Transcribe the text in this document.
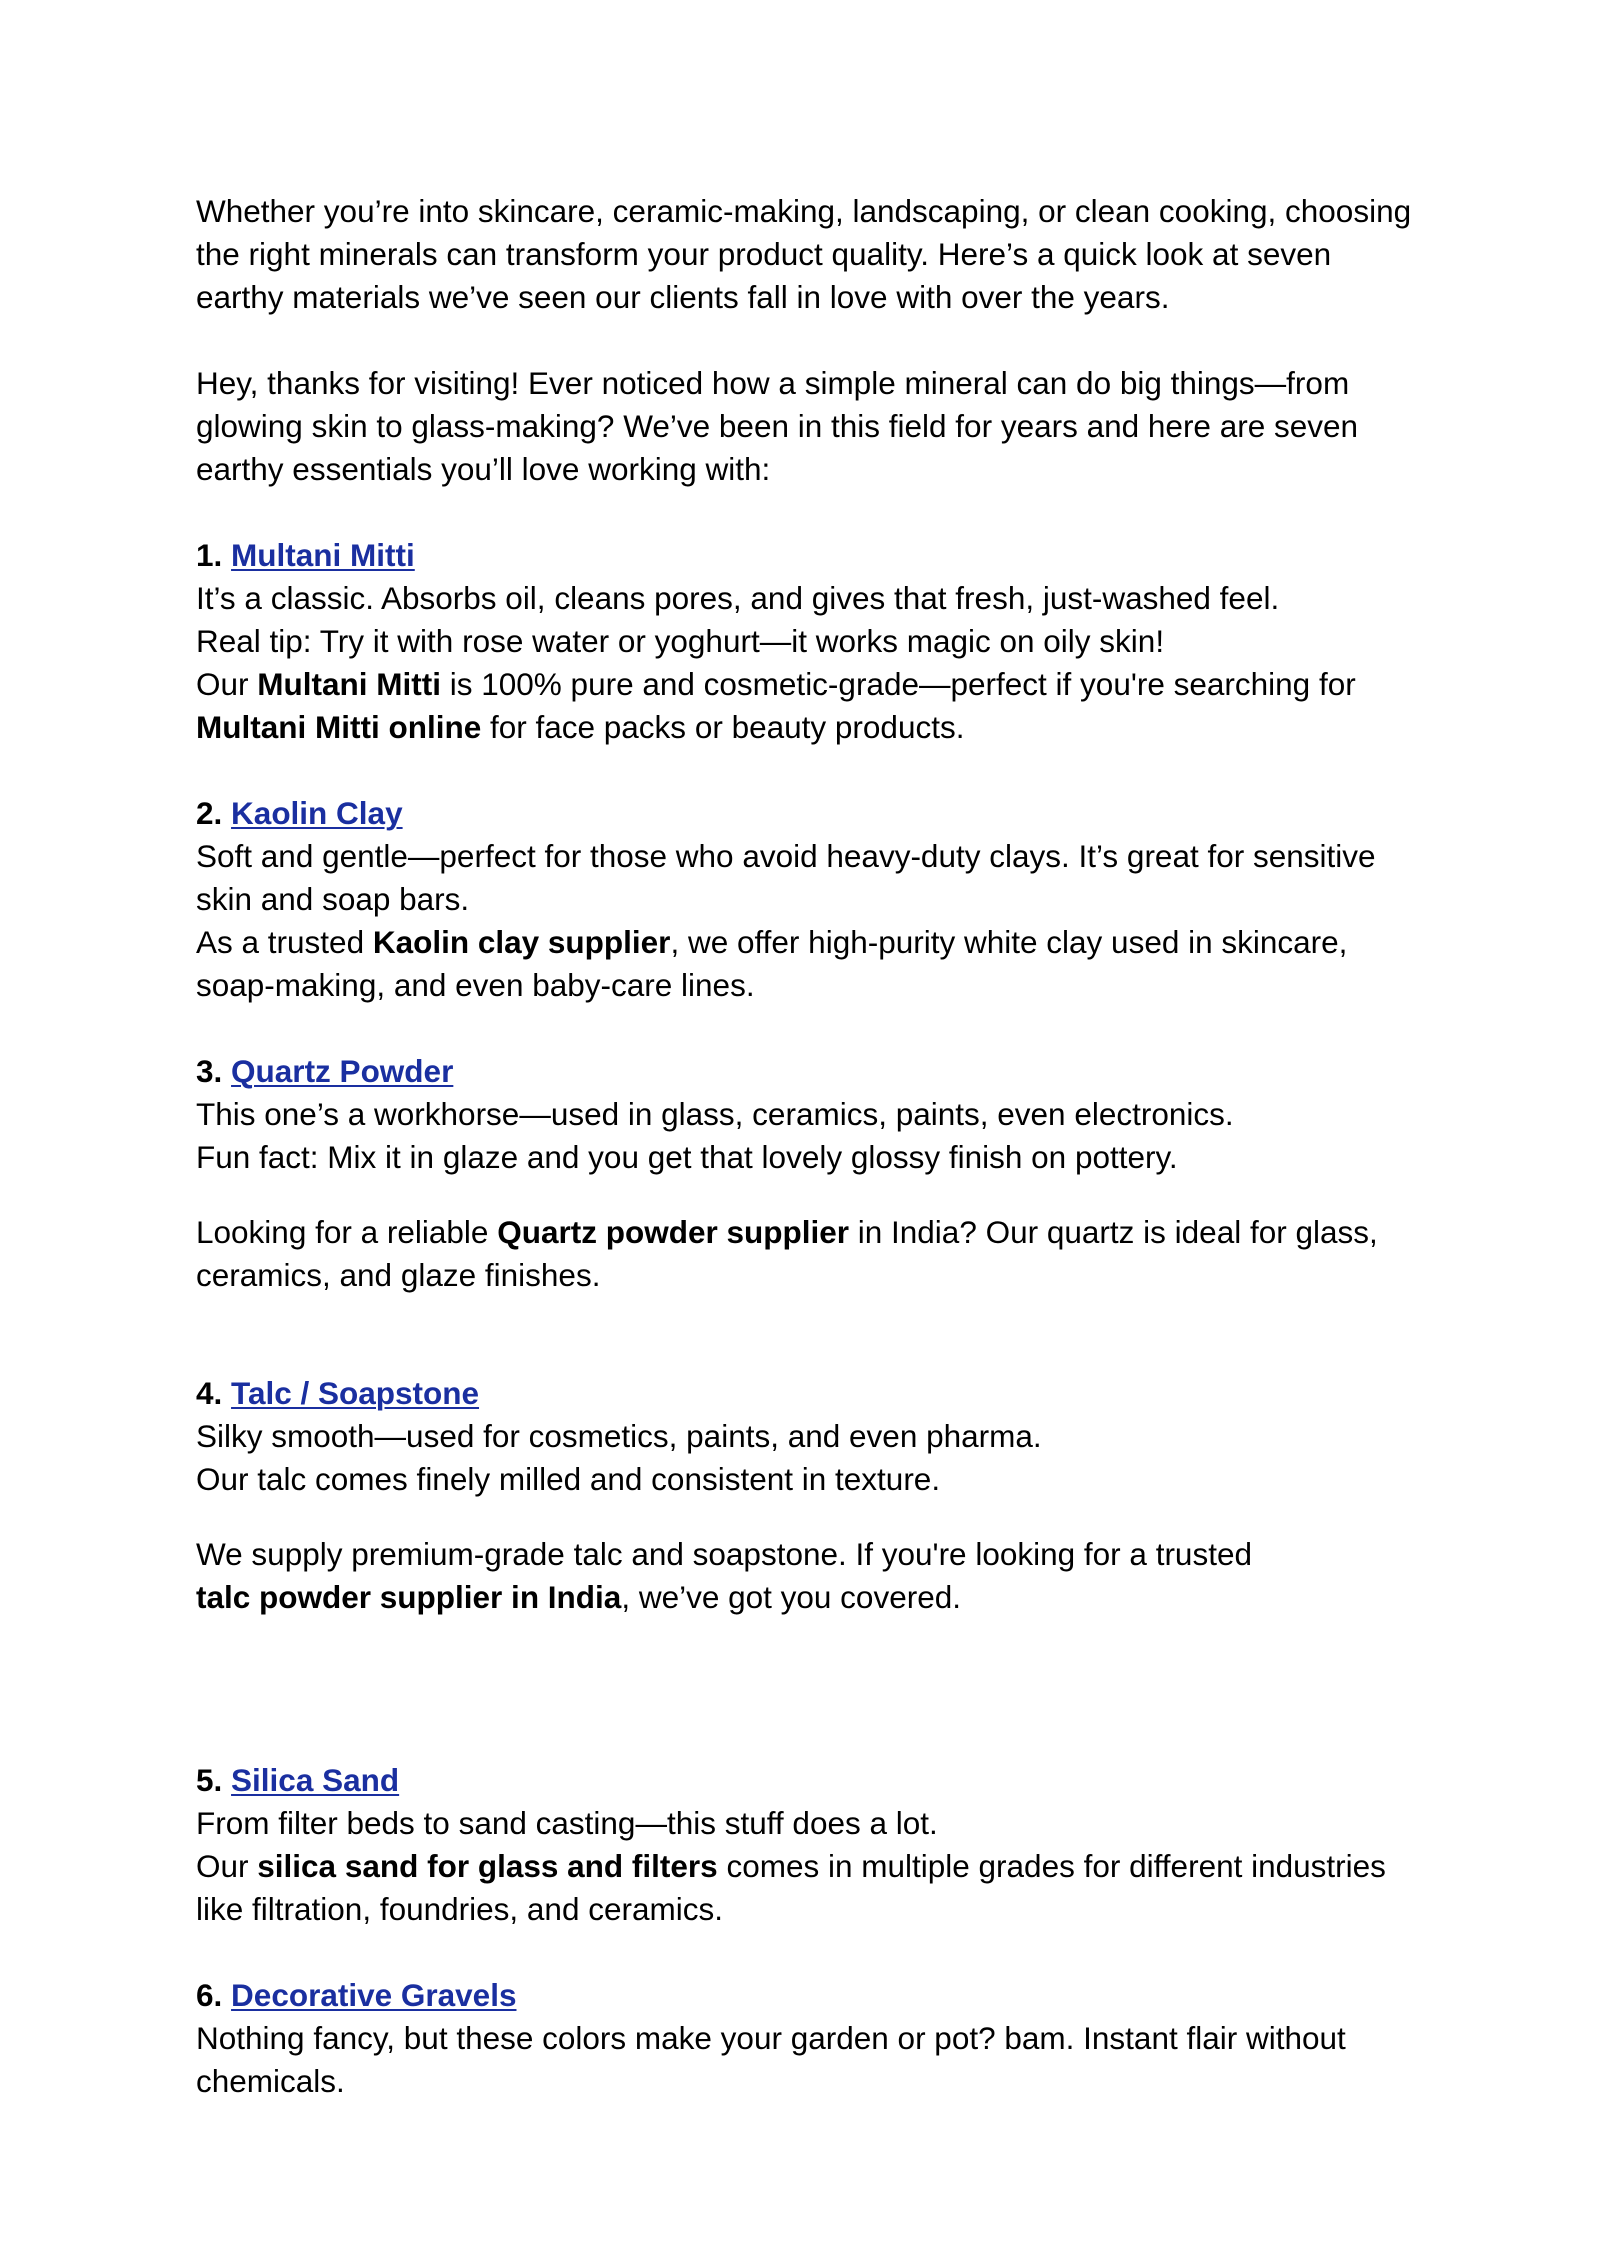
Whether you’re into skincare, ceramic-making, landscaping, or clean cooking, choosing the right minerals can transform your product quality. Here’s a quick look at seven earthy materials we’ve seen our clients fall in love with over the years.

Hey, thanks for visiting! Ever noticed how a simple mineral can do big things—from glowing skin to glass-making? We’ve been in this field for years and here are seven earthy essentials you’ll love working with:

1. Multani Mitti

It’s a classic. Absorbs oil, cleans pores, and gives that fresh, just-washed feel.

Real tip: Try it with rose water or yoghurt—it works magic on oily skin!

Our Multani Mitti is 100% pure and cosmetic-grade—perfect if you're searching for Multani Mitti online for face packs or beauty products.

2. Kaolin Clay

Soft and gentle—perfect for those who avoid heavy-duty clays. It’s great for sensitive skin and soap bars.

As a trusted Kaolin clay supplier, we offer high-purity white clay used in skincare, soap-making, and even baby-care lines.

3. Quartz Powder

This one’s a workhorse—used in glass, ceramics, paints, even electronics.

Fun fact: Mix it in glaze and you get that lovely glossy finish on pottery.

Looking for a reliable Quartz powder supplier in India? Our quartz is ideal for glass, ceramics, and glaze finishes.

4. Talc / Soapstone

Silky smooth—used for cosmetics, paints, and even pharma.

Our talc comes finely milled and consistent in texture.

We supply premium-grade talc and soapstone. If you're looking for a trusted

talc powder supplier in India, we’ve got you covered.

5. Silica Sand

From filter beds to sand casting—this stuff does a lot.

Our silica sand for glass and filters comes in multiple grades for different industries like filtration, foundries, and ceramics.

6. Decorative Gravels

Nothing fancy, but these colors make your garden or pot? bam. Instant flair without chemicals.
